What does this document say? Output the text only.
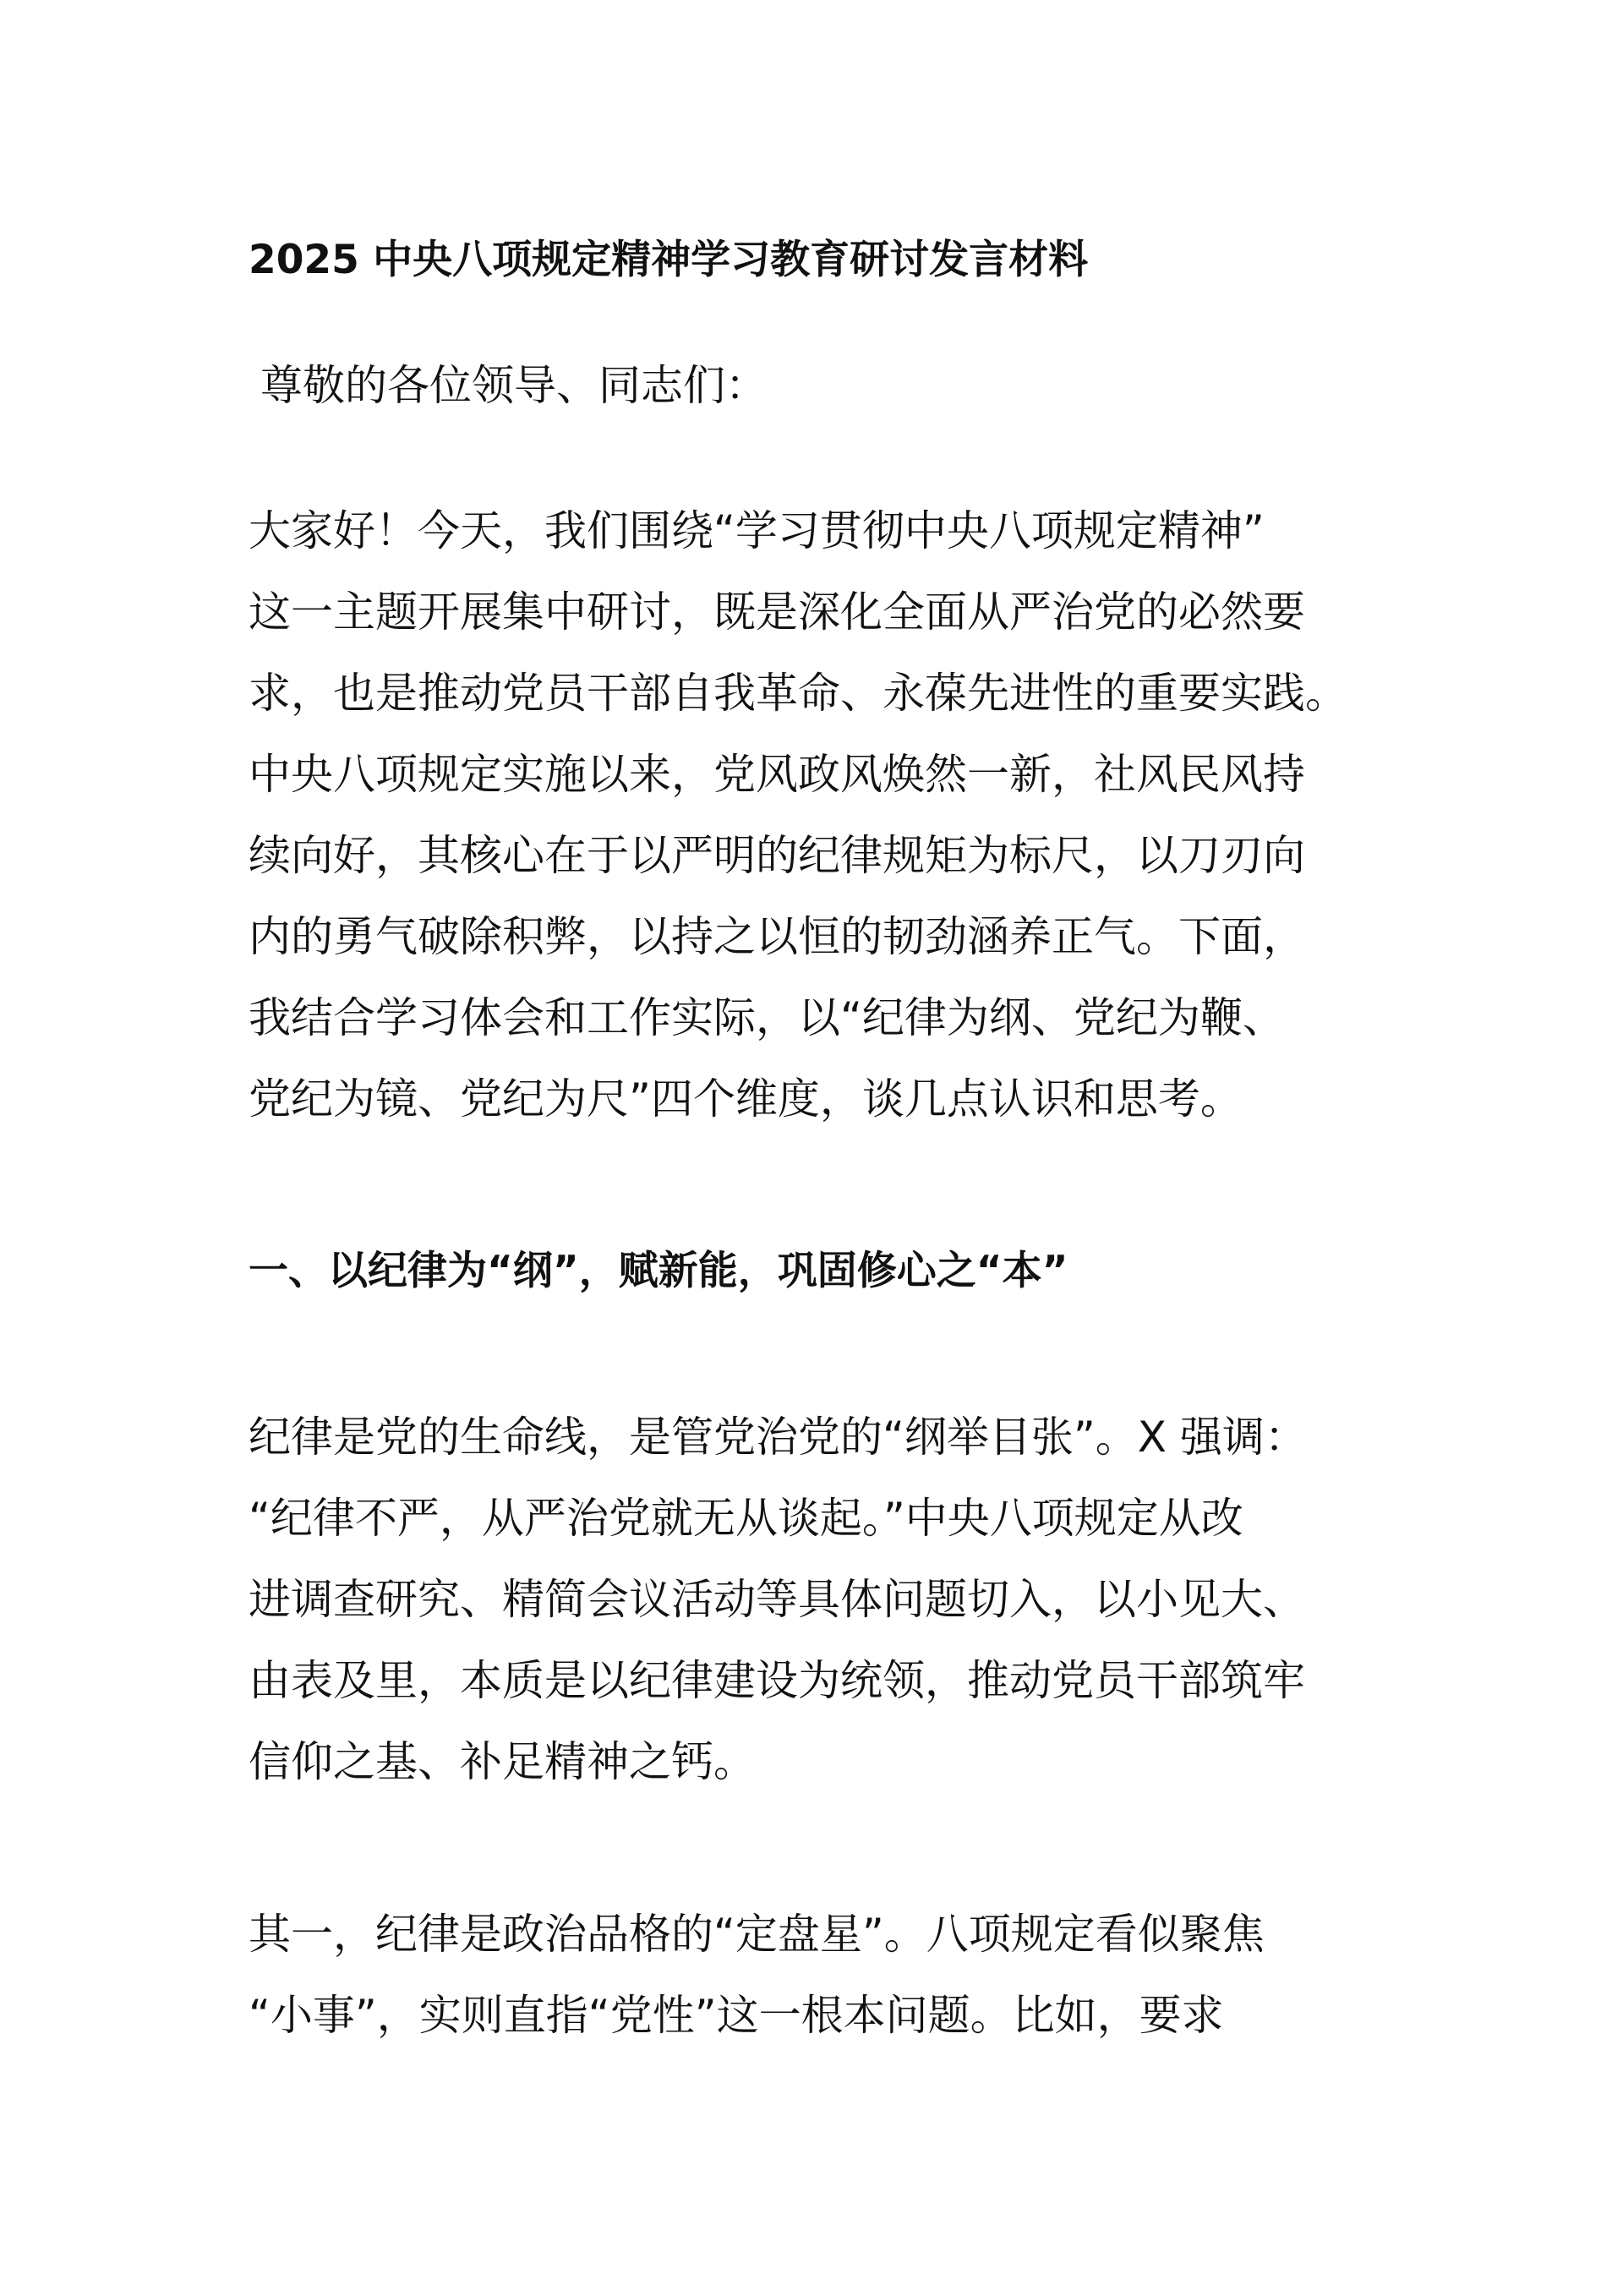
2025 中央八项规定精神学习教育研讨发言材料

尊敬的各位领导、同志们：

大家好！今天，我们围绕“学习贯彻中央八项规定精神”
这一主题开展集中研讨，既是深化全面从严治党的必然要
求，也是推动党员干部自我革命、永葆先进性的重要实践。
中央八项规定实施以来，党风政风焕然一新，社风民风持
续向好，其核心在于以严明的纪律规矩为标尺，以刀刃向
内的勇气破除积弊，以持之以恒的韧劲涵养正气。下面，
我结合学习体会和工作实际，以“纪律为纲、党纪为鞭、
党纪为镜、党纪为尺”四个维度，谈几点认识和思考。

一、以纪律为“纲”，赋新能，巩固修心之“本”

纪律是党的生命线，是管党治党的“纲举目张”。X 强调：
“纪律不严，从严治党就无从谈起。”中央八项规定从改
进调查研究、精简会议活动等具体问题切入，以小见大、
由表及里，本质是以纪律建设为统领，推动党员干部筑牢
信仰之基、补足精神之钙。

其一，纪律是政治品格的“定盘星”。八项规定看似聚焦
“小事”，实则直指“党性”这一根本问题。比如，要求
